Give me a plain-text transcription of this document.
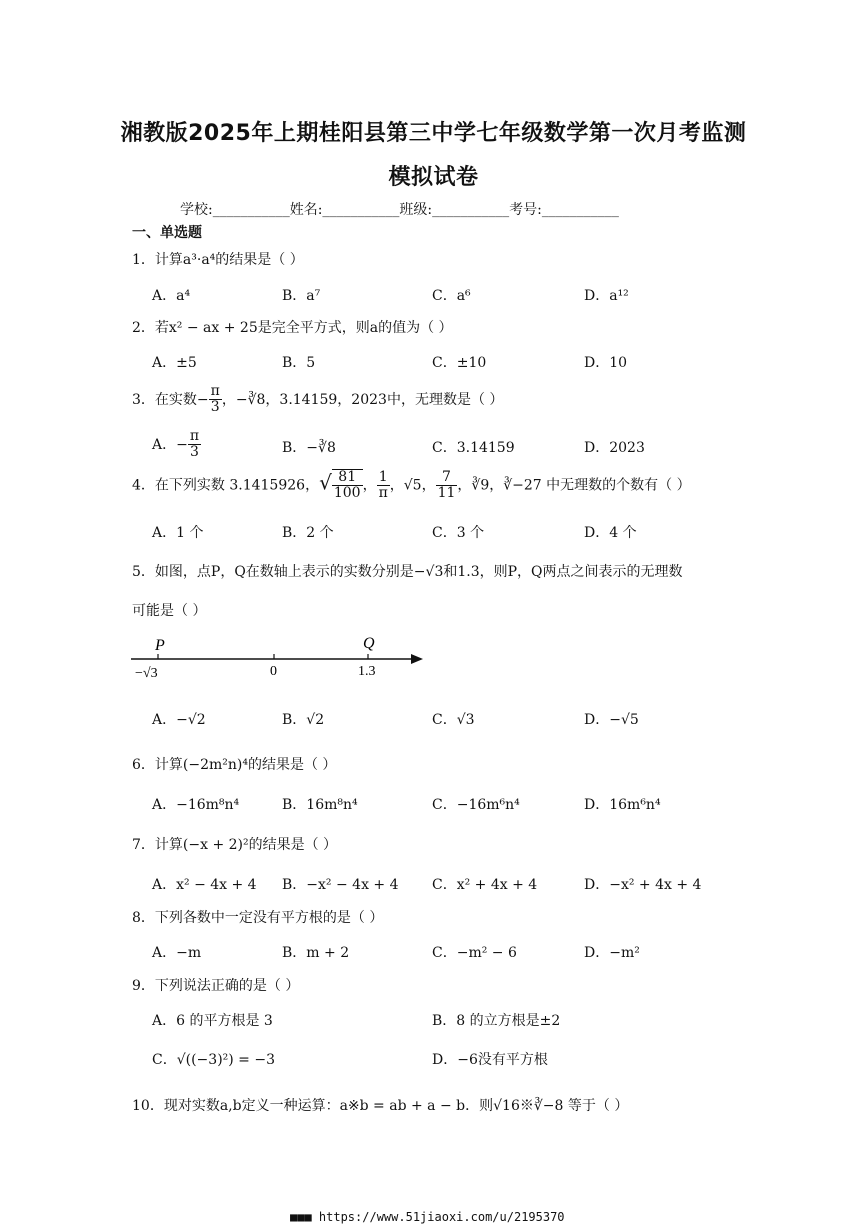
湘教版2025年上期桂阳县第三中学七年级数学第一次月考监测
模拟试卷
学校:___________姓名:___________班级:___________考号:___________
一、单选题
1．计算a³·a⁴的结果是（ ）
A．a⁴	B．a⁷	C．a⁶	D．a¹²
2．若x² − ax + 25是完全平方式，则a的值为（ ）
A．±5	B．5	C．±10	D．10
3．在实数− $\frac{\pi}{3}$ ，−∛8，3.14159，2023中，无理数是（ ）
A．− $\frac{\pi}{3}$	B．−∛8	C．3.14159	D．2023
4．在下列实数 3.1415926，√ $\frac{81}{100}$ ， $\frac{1}{\pi}$ ，√5， $\frac{7}{11}$ ，∛9，∛−27 中无理数的个数有（ ）
A．1 个	B．2 个	C．3 个	D．4 个
5．如图，点P，Q在数轴上表示的实数分别是−√3和1.3，则P，Q两点之间表示的无理数
可能是（ ）
P	Q
−√3	0	1.3
A．−√2	B．√2	C．√3	D．−√5
6．计算(−2m²n)⁴的结果是（ ）
A．−16m⁸n⁴	B．16m⁸n⁴	C．−16m⁶n⁴	D．16m⁶n⁴
7．计算(−x + 2)²的结果是（ ）
A．x² − 4x + 4 B．−x² − 4x + 4 C．x² + 4x + 4	D．−x² + 4x + 4
8．下列各数中一定没有平方根的是（ ）
A．−m	B．m + 2	C．−m² − 6	D．−m²
9．下列说法正确的是（ ）
A．6 的平方根是 3	B．8 的立方根是±2
C．√((−3)²) = −3	D．−6没有平方根
10．现对实数a,b定义一种运算：a※b = ab + a − b．则√16※∛−8 等于（ ）
■■■ https://www.51jiaoxi.com/u/2195370
